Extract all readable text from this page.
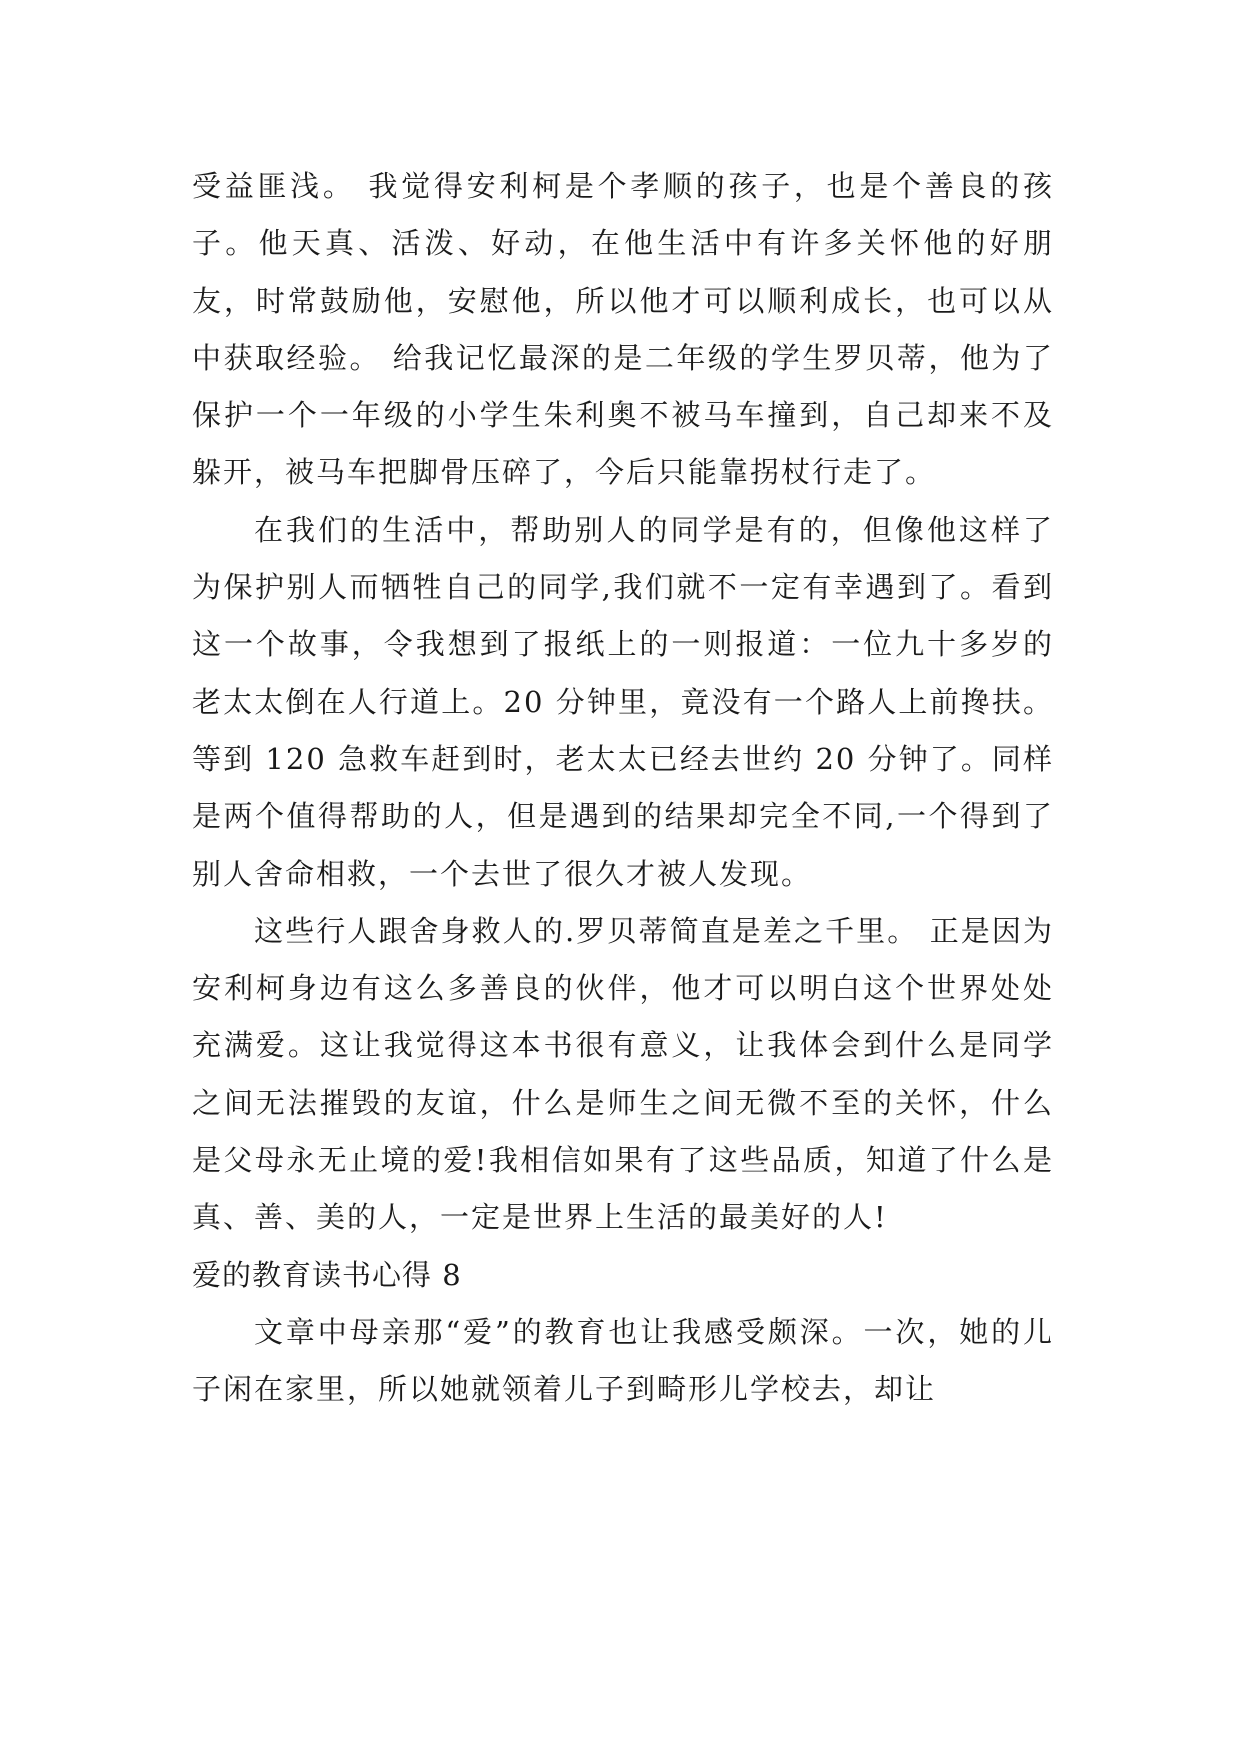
受益匪浅。 我觉得安利柯是个孝顺的孩子，也是个善良的孩子。他天真、活泼、好动，在他生活中有许多关怀他的好朋友，时常鼓励他，安慰他，所以他才可以顺利成长，也可以从中获取经验。 给我记忆最深的是二年级的学生罗贝蒂，他为了保护一个一年级的小学生朱利奥不被马车撞到，自己却来不及躲开，被马车把脚骨压碎了，今后只能靠拐杖行走了。

在我们的生活中，帮助别人的同学是有的，但像他这样了为保护别人而牺牲自己的同学,我们就不一定有幸遇到了。看到这一个故事，令我想到了报纸上的一则报道：一位九十多岁的老太太倒在人行道上。20 分钟里，竟没有一个路人上前搀扶。等到 120 急救车赶到时，老太太已经去世约 20 分钟了。同样是两个值得帮助的人，但是遇到的结果却完全不同,一个得到了别人舍命相救，一个去世了很久才被人发现。

这些行人跟舍身救人的.罗贝蒂简直是差之千里。 正是因为安利柯身边有这么多善良的伙伴，他才可以明白这个世界处处充满爱。这让我觉得这本书很有意义，让我体会到什么是同学之间无法摧毁的友谊，什么是师生之间无微不至的关怀，什么是父母永无止境的爱!我相信如果有了这些品质，知道了什么是真、善、美的人，一定是世界上生活的最美好的人!

爱的教育读书心得 8

文章中母亲那“爱”的教育也让我感受颇深。一次，她的儿子闲在家里，所以她就领着儿子到畸形儿学校去，却让
